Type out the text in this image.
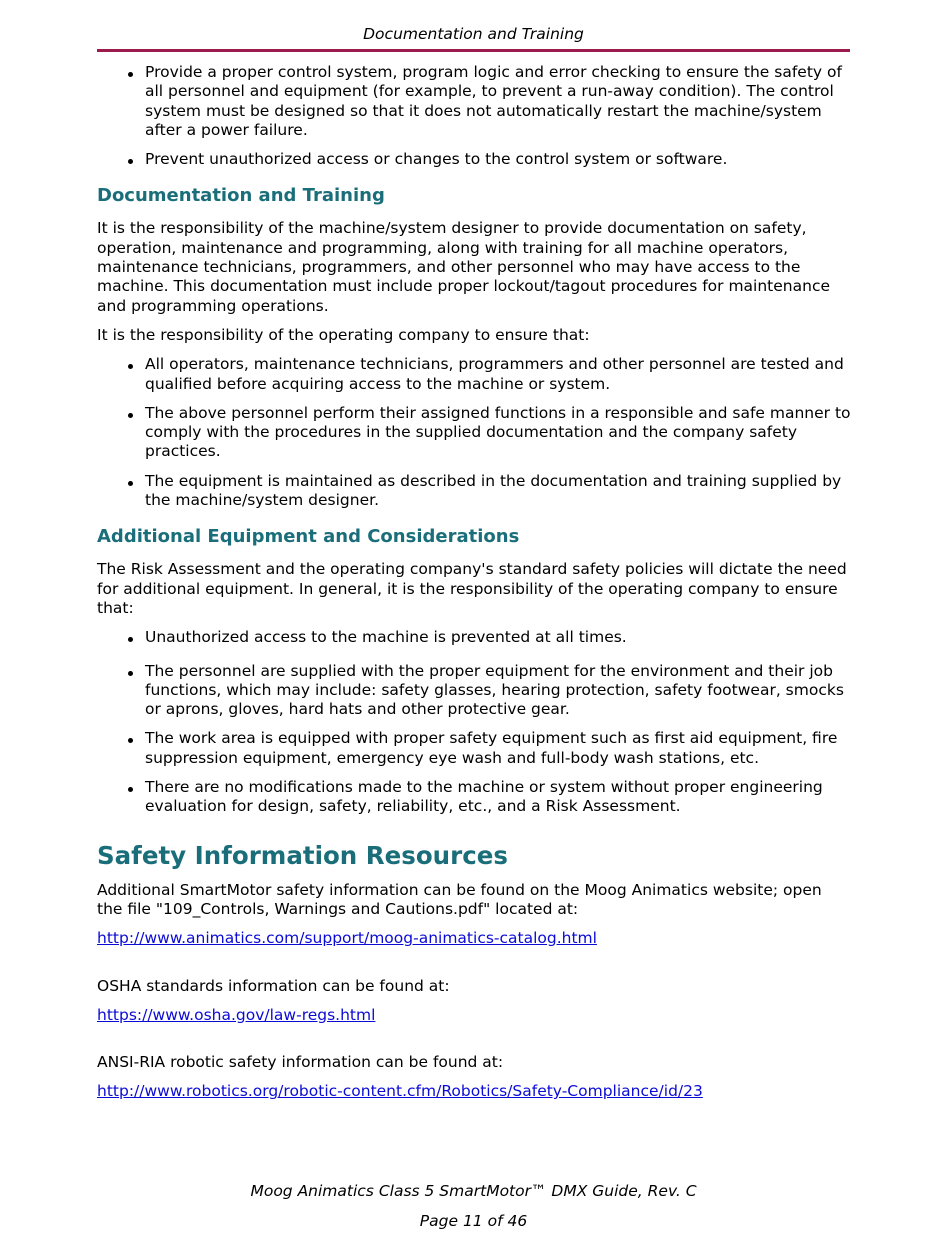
Documentation and Training
Provide a proper control system, program logic and error checking to ensure the safety of all personnel and equipment (for example, to prevent a run-away condition). The control system must be designed so that it does not automatically restart the machine/system after a power failure.
Prevent unauthorized access or changes to the control system or software.
Documentation and Training

It is the responsibility of the machine/system designer to provide documentation on safety, operation, maintenance and programming, along with training for all machine operators, maintenance technicians, programmers, and other personnel who may have access to the machine. This documentation must include proper lockout/tagout procedures for maintenance and programming operations.

It is the responsibility of the operating company to ensure that:

All operators, maintenance technicians, programmers and other personnel are tested and qualified before acquiring access to the machine or system.
The above personnel perform their assigned functions in a responsible and safe manner to comply with the procedures in the supplied documentation and the company safety practices.
The equipment is maintained as described in the documentation and training supplied by the machine/system designer.
Additional Equipment and Considerations

The Risk Assessment and the operating company's standard safety policies will dictate the need for additional equipment. In general, it is the responsibility of the operating company to ensure that:

Unauthorized access to the machine is prevented at all times.
The personnel are supplied with the proper equipment for the environment and their job functions, which may include: safety glasses, hearing protection, safety footwear, smocks or aprons, gloves, hard hats and other protective gear.
The work area is equipped with proper safety equipment such as first aid equipment, fire suppression equipment, emergency eye wash and full-body wash stations, etc.
There are no modifications made to the machine or system without proper engineering evaluation for design, safety, reliability, etc., and a Risk Assessment.
Safety Information Resources

Additional SmartMotor safety information can be found on the Moog Animatics website; open the file "109_Controls, Warnings and Cautions.pdf" located at:

http://www.animatics.com/support/moog-animatics-catalog.html

OSHA standards information can be found at:

https://www.osha.gov/law-regs.html

ANSI-RIA robotic safety information can be found at:

http://www.robotics.org/robotic-content.cfm/Robotics/Safety-Compliance/id/23
Moog Animatics Class 5 SmartMotor™ DMX Guide, Rev. C
Page 11 of 46
